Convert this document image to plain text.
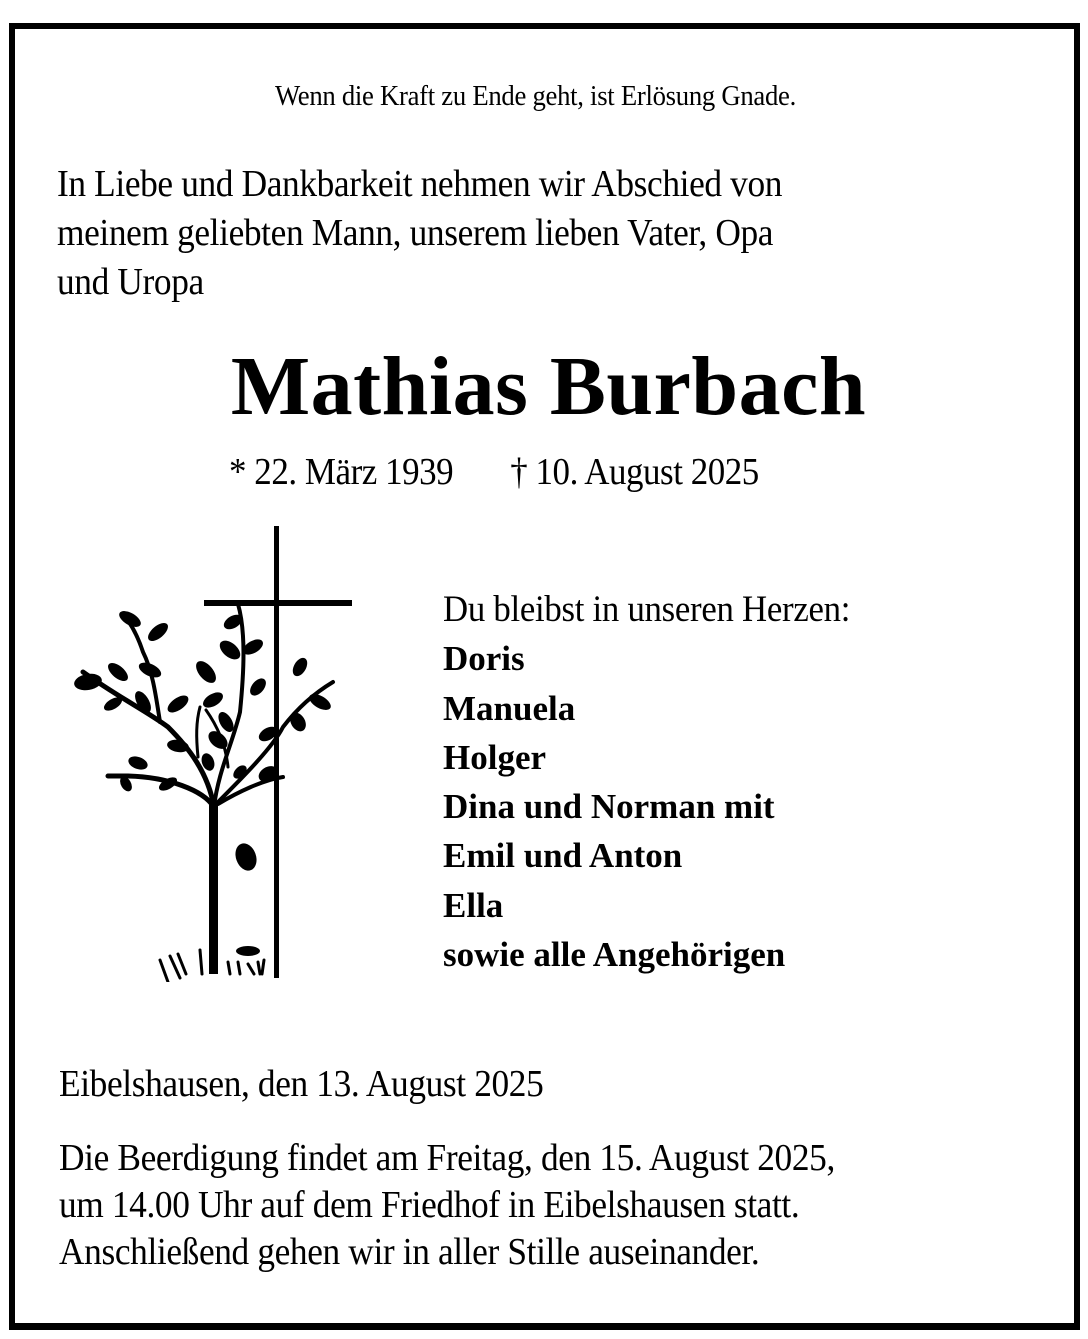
Wenn die Kraft zu Ende geht, ist Erlösung Gnade.
In Liebe und Dankbarkeit nehmen wir Abschied von
meinem geliebten Mann, unserem lieben Vater, Opa
und Uropa
Mathias Burbach
* 22. März 1939 † 10. August 2025
Du bleibst in unseren Herzen:
Doris
Manuela
Holger
Dina und Norman mit
Emil und Anton
Ella
sowie alle Angehörigen
Eibelshausen, den 13. August 2025
Die Beerdigung findet am Freitag, den 15. August 2025,
um 14.00 Uhr auf dem Friedhof in Eibelshausen statt.
Anschließend gehen wir in aller Stille auseinander.
